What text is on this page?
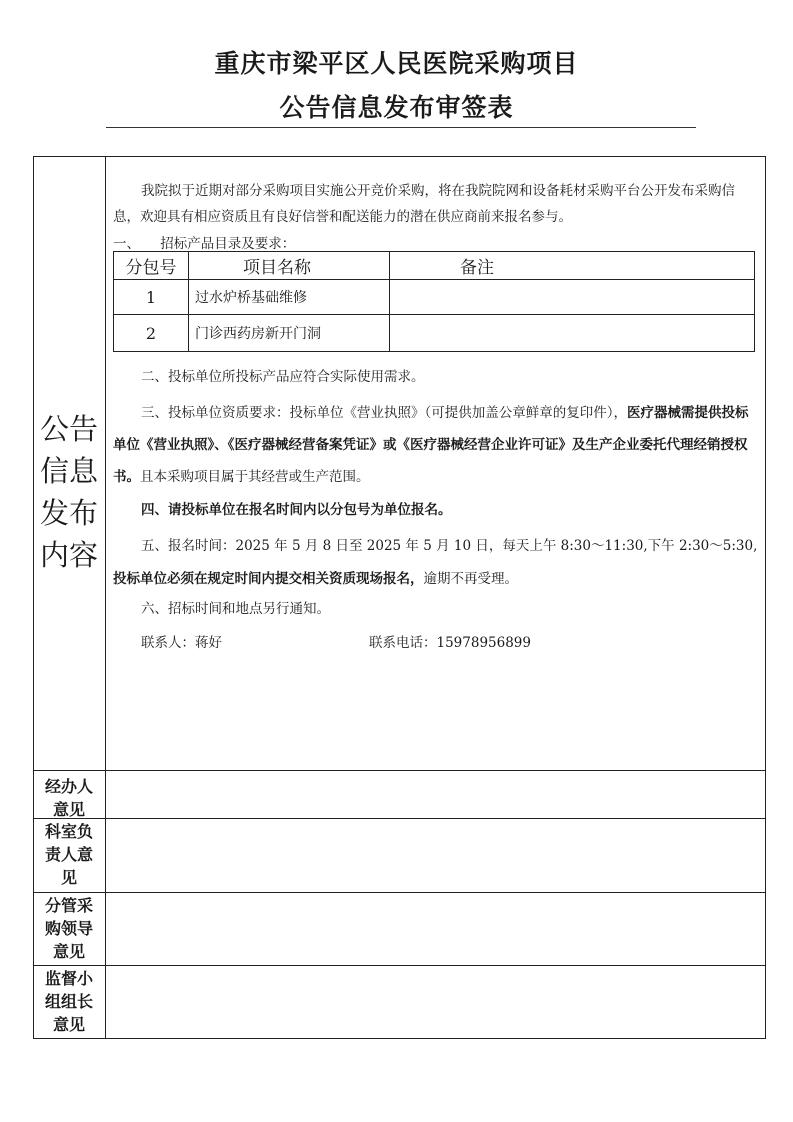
重庆市梁平区人民医院采购项目
公告信息发布审签表
公告
信息
发布
内容
我院拟于近期对部分采购项目实施公开竞价采购，将在我院院网和设备耗材采购平台公开发布采购信息，欢迎具有相应资质且有良好信誉和配送能力的潜在供应商前来报名参与。
一、　　招标产品目录及要求：
分包号	项目名称	备注
1	过水炉桥基础维修	
2	门诊西药房新开门洞	
二、投标单位所投标产品应符合实际使用需求。
三、投标单位资质要求：投标单位《营业执照》（可提供加盖公章鲜章的复印件），医疗器械需提供投标单位《营业执照》、《医疗器械经营备案凭证》或《医疗器械经营企业许可证》及生产企业委托代理经销授权书。且本采购项目属于其经营或生产范围。
四、请投标单位在报名时间内以分包号为单位报名。
五、报名时间：2025 年 5 月 8 日至 2025 年 5 月 10 日，每天上午 8:30～11:30,下午 2:30～5:30,投标单位必须在规定时间内提交相关资质现场报名，逾期不再受理。
六、招标时间和地点另行通知。
联系人：蒋好	联系电话：15978956899
经办人
意见
科室负
责人意
见
分管采
购领导
意见
监督小
组组长
意见
